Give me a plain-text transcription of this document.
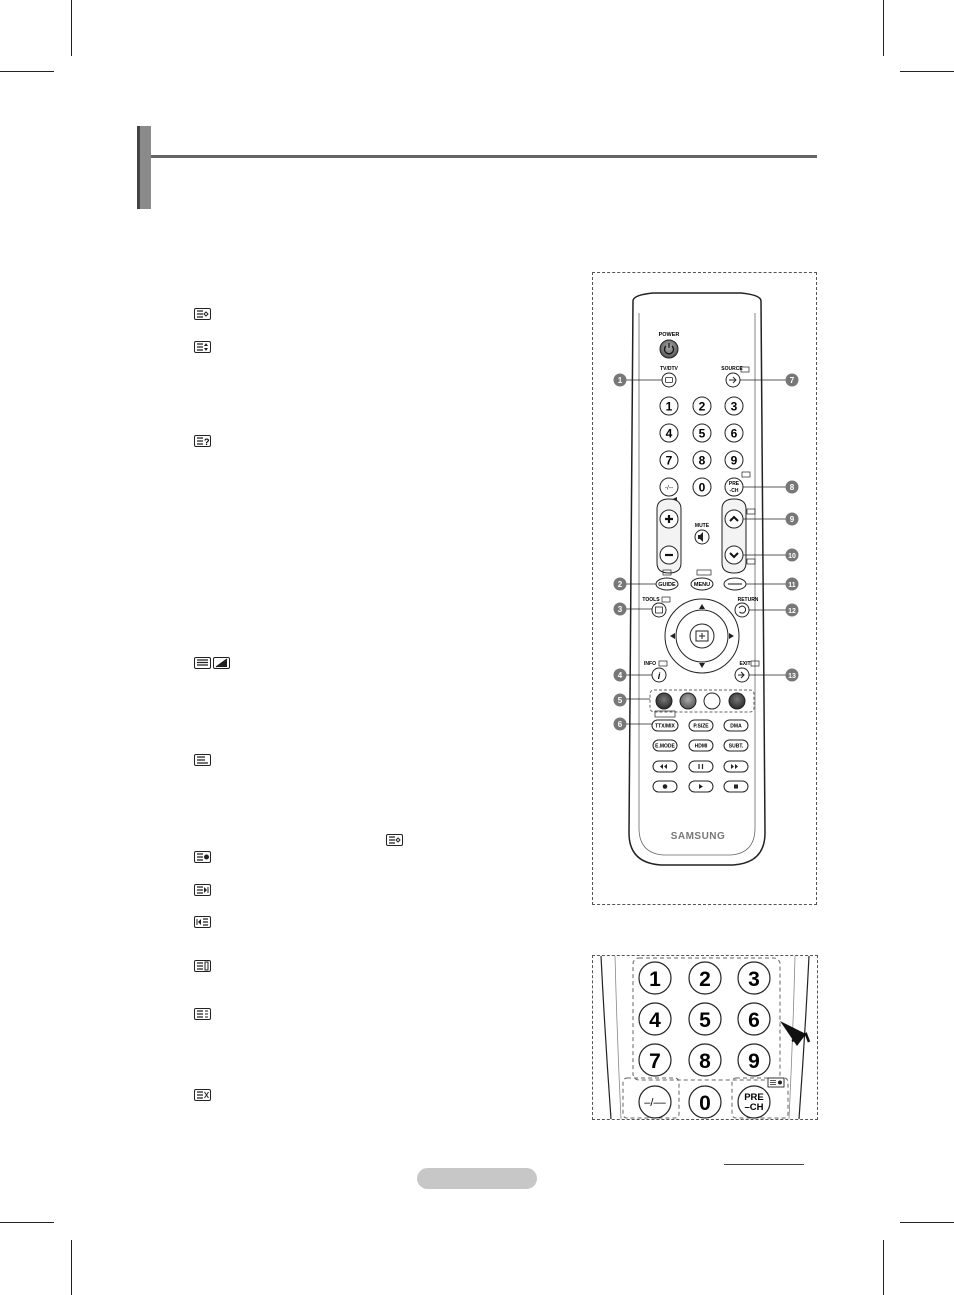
?
POWER
TV/DTV	SOURCE
1 2 3
4 5 6
7 8 9
-/-- 0	PRE
-CH
MUTE
GUIDE	MENU
TOOLS	RETURN
INFO
i
EXIT
TTX/MIX	P.SIZE	DMA
E.MODE	HDMI	SUBT.
SAMSUNG
1
2
3
4
5
6
7
8
9
10
11
12
13
1 2 3
4 5 6
7 8 9
–/–– 0	PRE
–CH
